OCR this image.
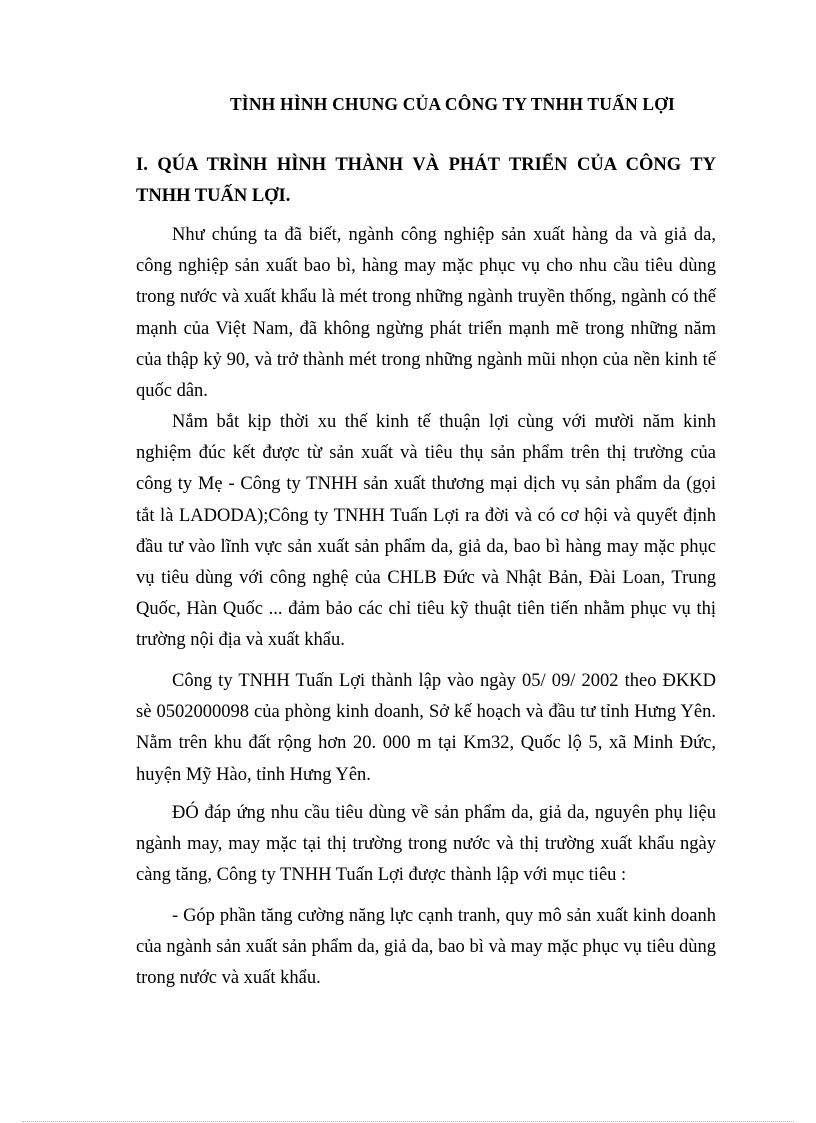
TÌNH HÌNH CHUNG CỦA CÔNG TY TNHH TUẤN LỢI
I. QÚA TRÌNH HÌNH THÀNH VÀ PHÁT TRIỂN CỦA CÔNG TY TNHH TUẤN LỢI.

Như chúng ta đã biết, ngành công nghiệp sản xuất hàng da và giả da, công nghiệp sản xuất bao bì, hàng may mặc phục vụ cho nhu cầu tiêu dùng trong nước và xuất khẩu là mét trong những ngành truyền thống, ngành có thế mạnh của Việt Nam, đã không ngừng phát triển mạnh mẽ trong những năm của thập kỷ 90, và trở thành mét trong những ngành mũi nhọn của nền kinh tế quốc dân.

Nắm bắt kịp thời xu thế kinh tế thuận lợi cùng với mười năm kinh nghiệm đúc kết được từ sản xuất và tiêu thụ sản phẩm trên thị trường của công ty Mẹ - Công ty TNHH sản xuất thương mại dịch vụ sản phẩm da (gọi tắt là LADODA);Công ty TNHH Tuấn Lợi ra đời và có cơ hội và quyết định đầu tư vào lĩnh vực sản xuất sản phẩm da, giả da, bao bì hàng may mặc phục vụ tiêu dùng với công nghệ của CHLB Đức và Nhật Bản, Đài Loan, Trung Quốc, Hàn Quốc ... đảm bảo các chỉ tiêu kỹ thuật tiên tiến nhằm phục vụ thị trường nội địa và xuất khẩu.

Công ty TNHH Tuấn Lợi thành lập vào ngày 05/ 09/ 2002 theo ĐKKD sè 0502000098 của phòng kinh doanh, Sở kế hoạch và đầu tư tỉnh Hưng Yên. Nằm trên khu đất rộng hơn 20. 000 m tại Km32, Quốc lộ 5, xã Minh Đức, huyện Mỹ Hào, tỉnh Hưng Yên.

ĐÓ đáp ứng nhu cầu tiêu dùng về sản phẩm da, giả da, nguyên phụ liệu ngành may, may mặc tại thị trường trong nước và thị trường xuất khẩu ngày càng tăng, Công ty TNHH Tuấn Lợi được thành lập với mục tiêu :

- Góp phần tăng cường năng lực cạnh tranh, quy mô sản xuất kinh doanh của ngành sản xuất sản phẩm da, giả da, bao bì và may mặc phục vụ tiêu dùng trong nước và xuất khẩu.
